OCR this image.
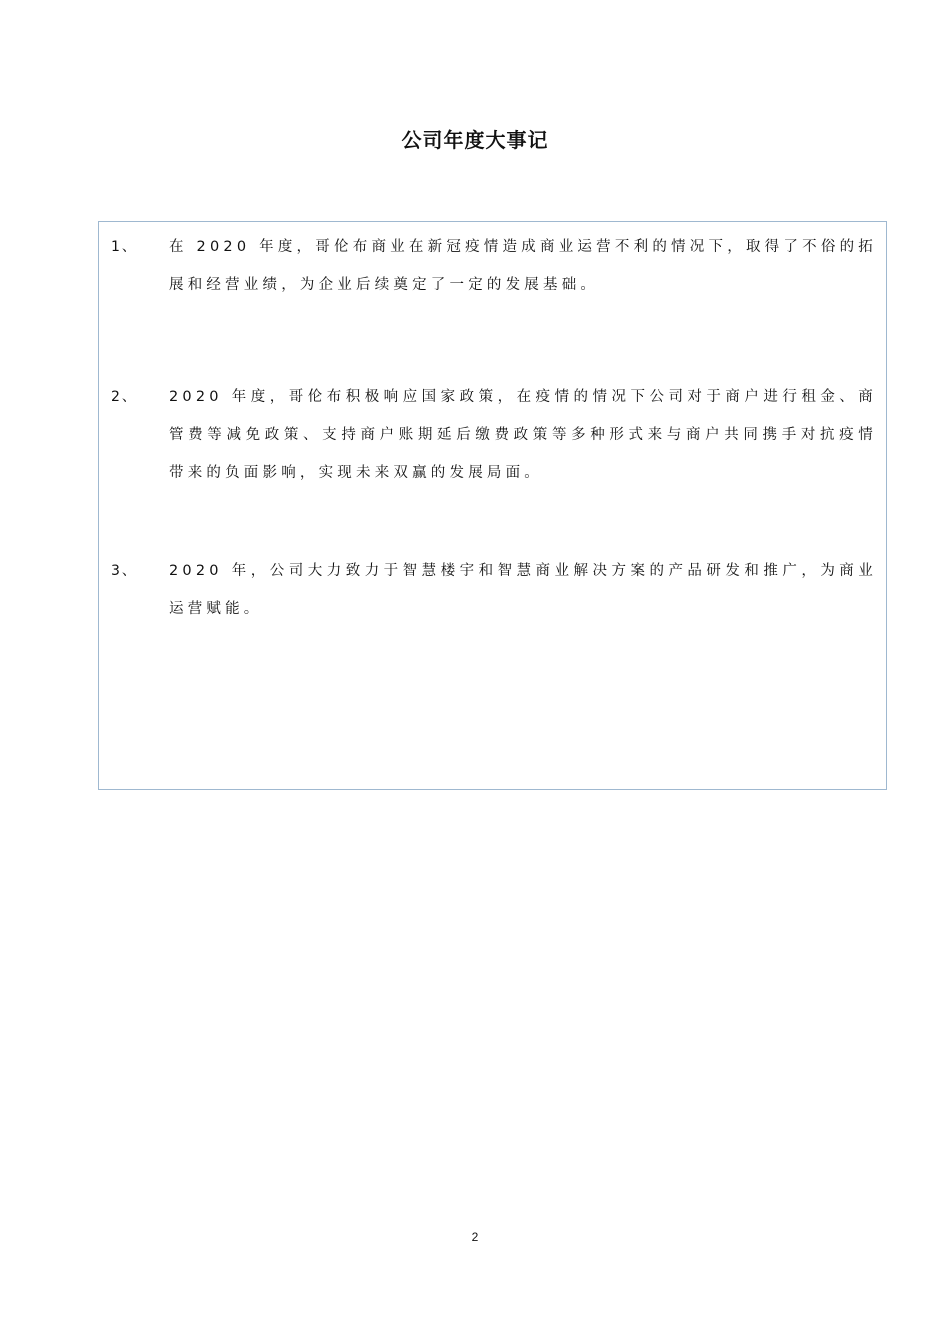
公司年度大事记
1、 在 2020 年度，哥伦布商业在新冠疫情造成商业运营不利的情况下，取得了不俗的拓展和经营业绩，为企业后续奠定了一定的发展基础。

2、 2020 年度，哥伦布积极响应国家政策，在疫情的情况下公司对于商户进行租金、商管费等减免政策、支持商户账期延后缴费政策等多种形式来与商户共同携手对抗疫情带来的负面影响，实现未来双赢的发展局面。

3、 2020 年，公司大力致力于智慧楼宇和智慧商业解决方案的产品研发和推广，为商业运营赋能。

2
